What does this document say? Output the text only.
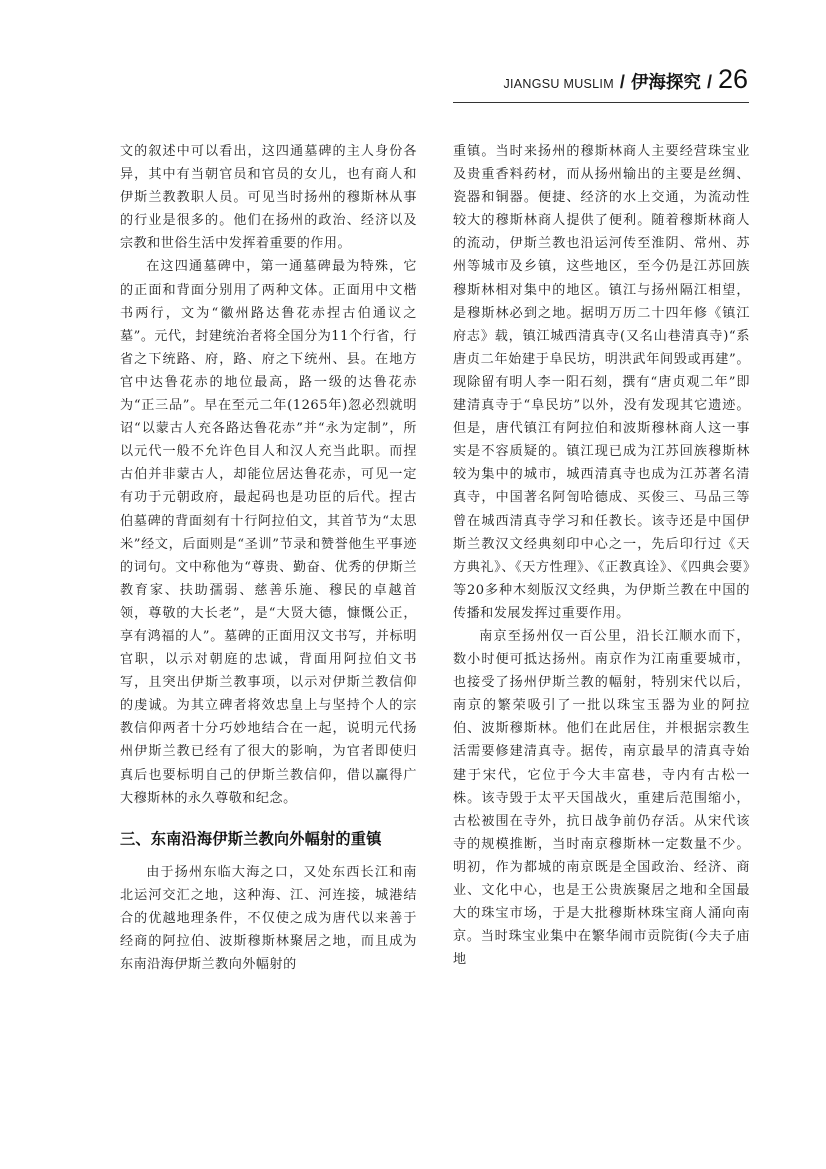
JIANGSU MUSLIM / 伊海探究 / 26

文的叙述中可以看出，这四通墓碑的主人身份各异，其中有当朝官员和官员的女儿，也有商人和伊斯兰教教职人员。可见当时扬州的穆斯林从事的行业是很多的。他们在扬州的政治、经济以及宗教和世俗生活中发挥着重要的作用。

在这四通墓碑中，第一通墓碑最为特殊，它的正面和背面分别用了两种文体。正面用中文楷书两行，文为“徽州路达鲁花赤捏古伯通议之墓”。元代，封建统治者将全国分为11个行省，行省之下统路、府，路、府之下统州、县。在地方官中达鲁花赤的地位最高，路一级的达鲁花赤为“正三品”。早在至元二年(1265年)忽必烈就明诏“以蒙古人充各路达鲁花赤”并“永为定制”，所以元代一般不允许色目人和汉人充当此职。而捏古伯并非蒙古人，却能位居达鲁花赤，可见一定有功于元朝政府，最起码也是功臣的后代。捏古伯墓碑的背面刻有十行阿拉伯文，其首节为“太思米”经文，后面则是“圣训”节录和赞誉他生平事迹的词句。文中称他为“尊贵、勤奋、优秀的伊斯兰教育家、扶助孺弱、慈善乐施、穆民的卓越首领，尊敬的大长老”，是“大贤大德，慷慨公正，享有鸿福的人”。墓碑的正面用汉文书写，并标明官职，以示对朝庭的忠诚，背面用阿拉伯文书写，且突出伊斯兰教事项，以示对伊斯兰教信仰的虔诚。为其立碑者将效忠皇上与坚持个人的宗教信仰两者十分巧妙地结合在一起，说明元代扬州伊斯兰教已经有了很大的影响，为官者即使归真后也要标明自己的伊斯兰教信仰，借以赢得广大穆斯林的永久尊敬和纪念。

三、东南沿海伊斯兰教向外幅射的重镇

由于扬州东临大海之口，又处东西长江和南北运河交汇之地，这种海、江、河连接，城港结合的优越地理条件，不仅使之成为唐代以来善于经商的阿拉伯、波斯穆斯林聚居之地，而且成为东南沿海伊斯兰教向外幅射的

重镇。当时来扬州的穆斯林商人主要经营珠宝业及贵重香料药材，而从扬州输出的主要是丝绸、瓷器和铜器。便捷、经济的水上交通，为流动性较大的穆斯林商人提供了便利。随着穆斯林商人的流动，伊斯兰教也沿运河传至淮阴、常州、苏州等城市及乡镇，这些地区，至今仍是江苏回族穆斯林相对集中的地区。镇江与扬州隔江相望，是穆斯林必到之地。据明万历二十四年修《镇江府志》载，镇江城西清真寺(又名山巷清真寺)“系唐贞二年始建于阜民坊，明洪武年间毁或再建”。现除留有明人李一阳石刻，撰有“唐贞观二年”即建清真寺于“阜民坊”以外，没有发现其它遗迹。但是，唐代镇江有阿拉伯和波斯穆林商人这一事实是不容质疑的。镇江现已成为江苏回族穆斯林较为集中的城市，城西清真寺也成为江苏著名清真寺，中国著名阿訇哈德成、买俊三、马品三等曾在城西清真寺学习和任教长。该寺还是中国伊斯兰教汉文经典刻印中心之一，先后印行过《天方典礼》、《天方性理》、《正教真诠》、《四典会要》等20多种木刻版汉文经典，为伊斯兰教在中国的传播和发展发挥过重要作用。

南京至扬州仅一百公里，沿长江顺水而下，数小时便可抵达扬州。南京作为江南重要城市，也接受了扬州伊斯兰教的幅射，特别宋代以后，南京的繁荣吸引了一批以珠宝玉器为业的阿拉伯、波斯穆斯林。他们在此居住，并根据宗教生活需要修建清真寺。据传，南京最早的清真寺始建于宋代，它位于今大丰富巷，寺内有古松一株。该寺毁于太平天国战火，重建后范围缩小，古松被围在寺外，抗日战争前仍存活。从宋代该寺的规模推断，当时南京穆斯林一定数量不少。明初，作为都城的南京既是全国政治、经济、商业、文化中心，也是王公贵族聚居之地和全国最大的珠宝市场，于是大批穆斯林珠宝商人涌向南京。当时珠宝业集中在繁华闹市贡院街(今夫子庙地
